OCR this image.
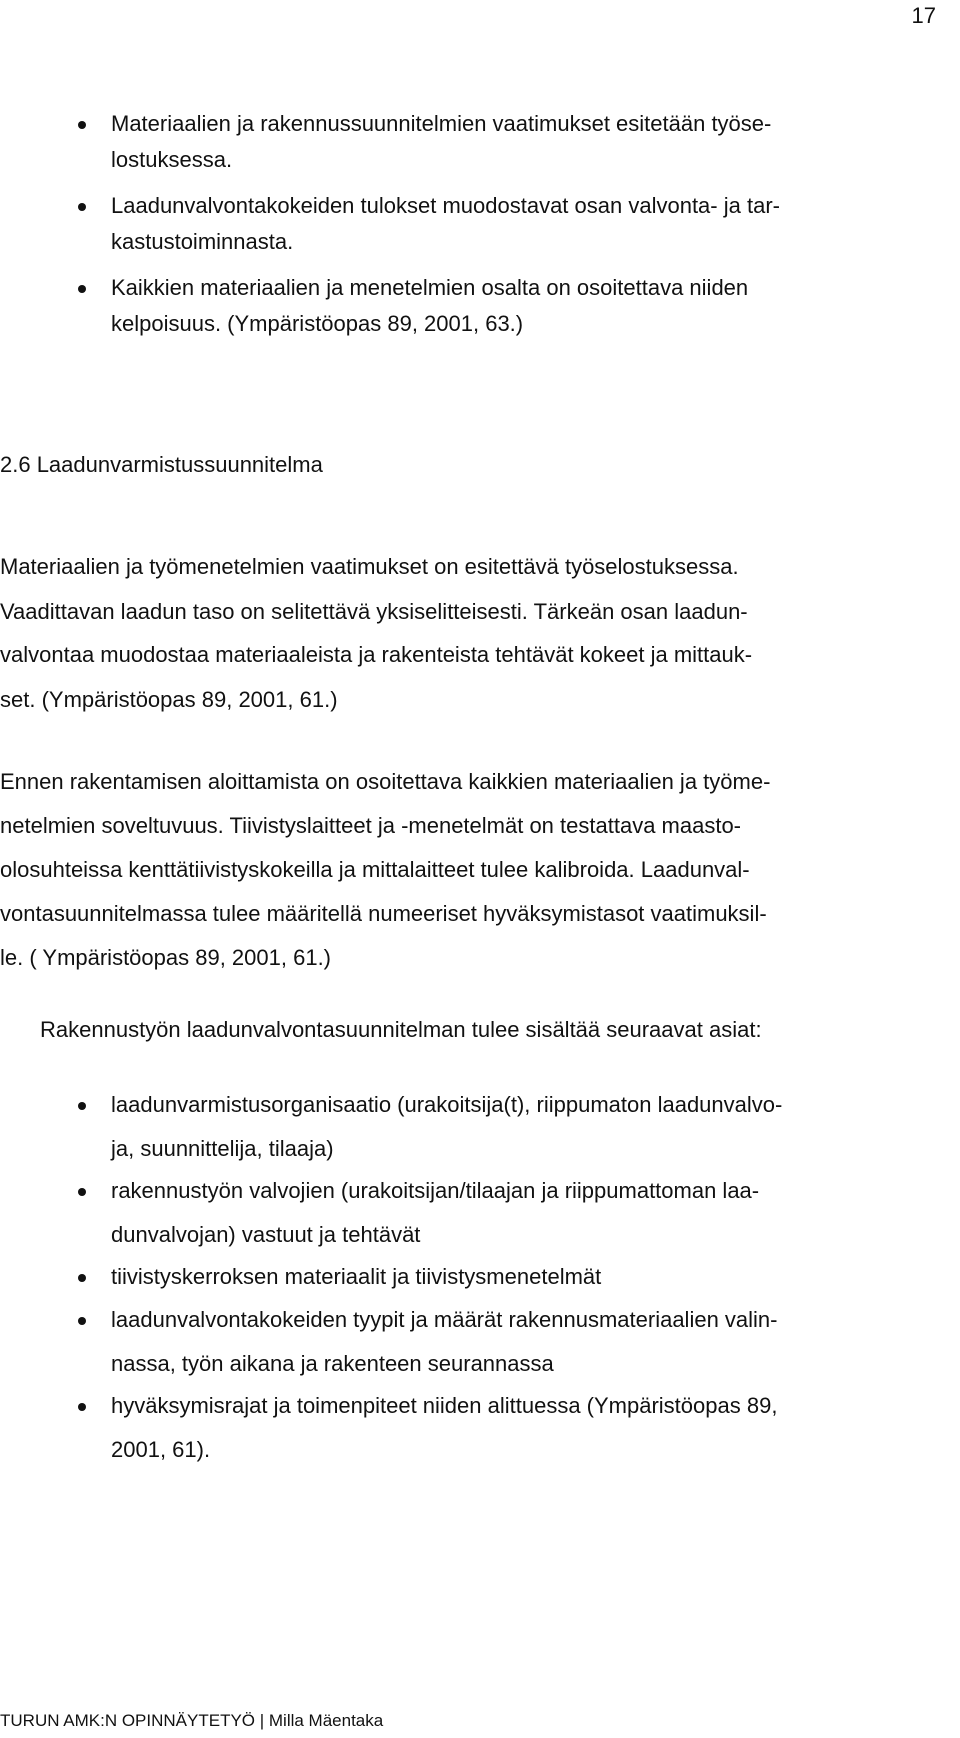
17

Materiaalien ja rakennussuunnitelmien vaatimukset esitetään työse-

lostuksessa.

Laadunvalvontakokeiden tulokset muodostavat osan valvonta- ja tar-

kastustoiminnasta.

Kaikkien materiaalien ja menetelmien osalta on osoitettava niiden

kelpoisuus. (Ympäristöopas 89, 2001, 63.)

2.6 Laadunvarmistussuunnitelma

Materiaalien ja työmenetelmien vaatimukset on esitettävä työselostuksessa.

Vaadittavan laadun taso on selitettävä yksiselitteisesti. Tärkeän osan laadun-

valvontaa muodostaa materiaaleista ja rakenteista tehtävät kokeet ja mittauk-

set. (Ympäristöopas 89, 2001, 61.)

Ennen rakentamisen aloittamista on osoitettava kaikkien materiaalien ja työme-

netelmien soveltuvuus. Tiivistyslaitteet ja -menetelmät on testattava maasto-

olosuhteissa kenttätiivistyskokeilla ja mittalaitteet tulee kalibroida. Laadunval-

vontasuunnitelmassa tulee määritellä numeeriset hyväksymistasot vaatimuksil-

le. ( Ympäristöopas 89, 2001, 61.)

Rakennustyön laadunvalvontasuunnitelman tulee sisältää seuraavat asiat:

laadunvarmistusorganisaatio (urakoitsija(t), riippumaton laadunvalvo-

ja, suunnittelija, tilaaja)

rakennustyön valvojien (urakoitsijan/tilaajan ja riippumattoman laa-

dunvalvojan) vastuut ja tehtävät

tiivistyskerroksen materiaalit ja tiivistysmenetelmät

laadunvalvontakokeiden tyypit ja määrät rakennusmateriaalien valin-

nassa, työn aikana ja rakenteen seurannassa

hyväksymisrajat ja toimenpiteet niiden alittuessa (Ympäristöopas 89,

2001, 61).

TURUN AMK:N OPINNÄYTETYÖ | Milla Mäentaka
